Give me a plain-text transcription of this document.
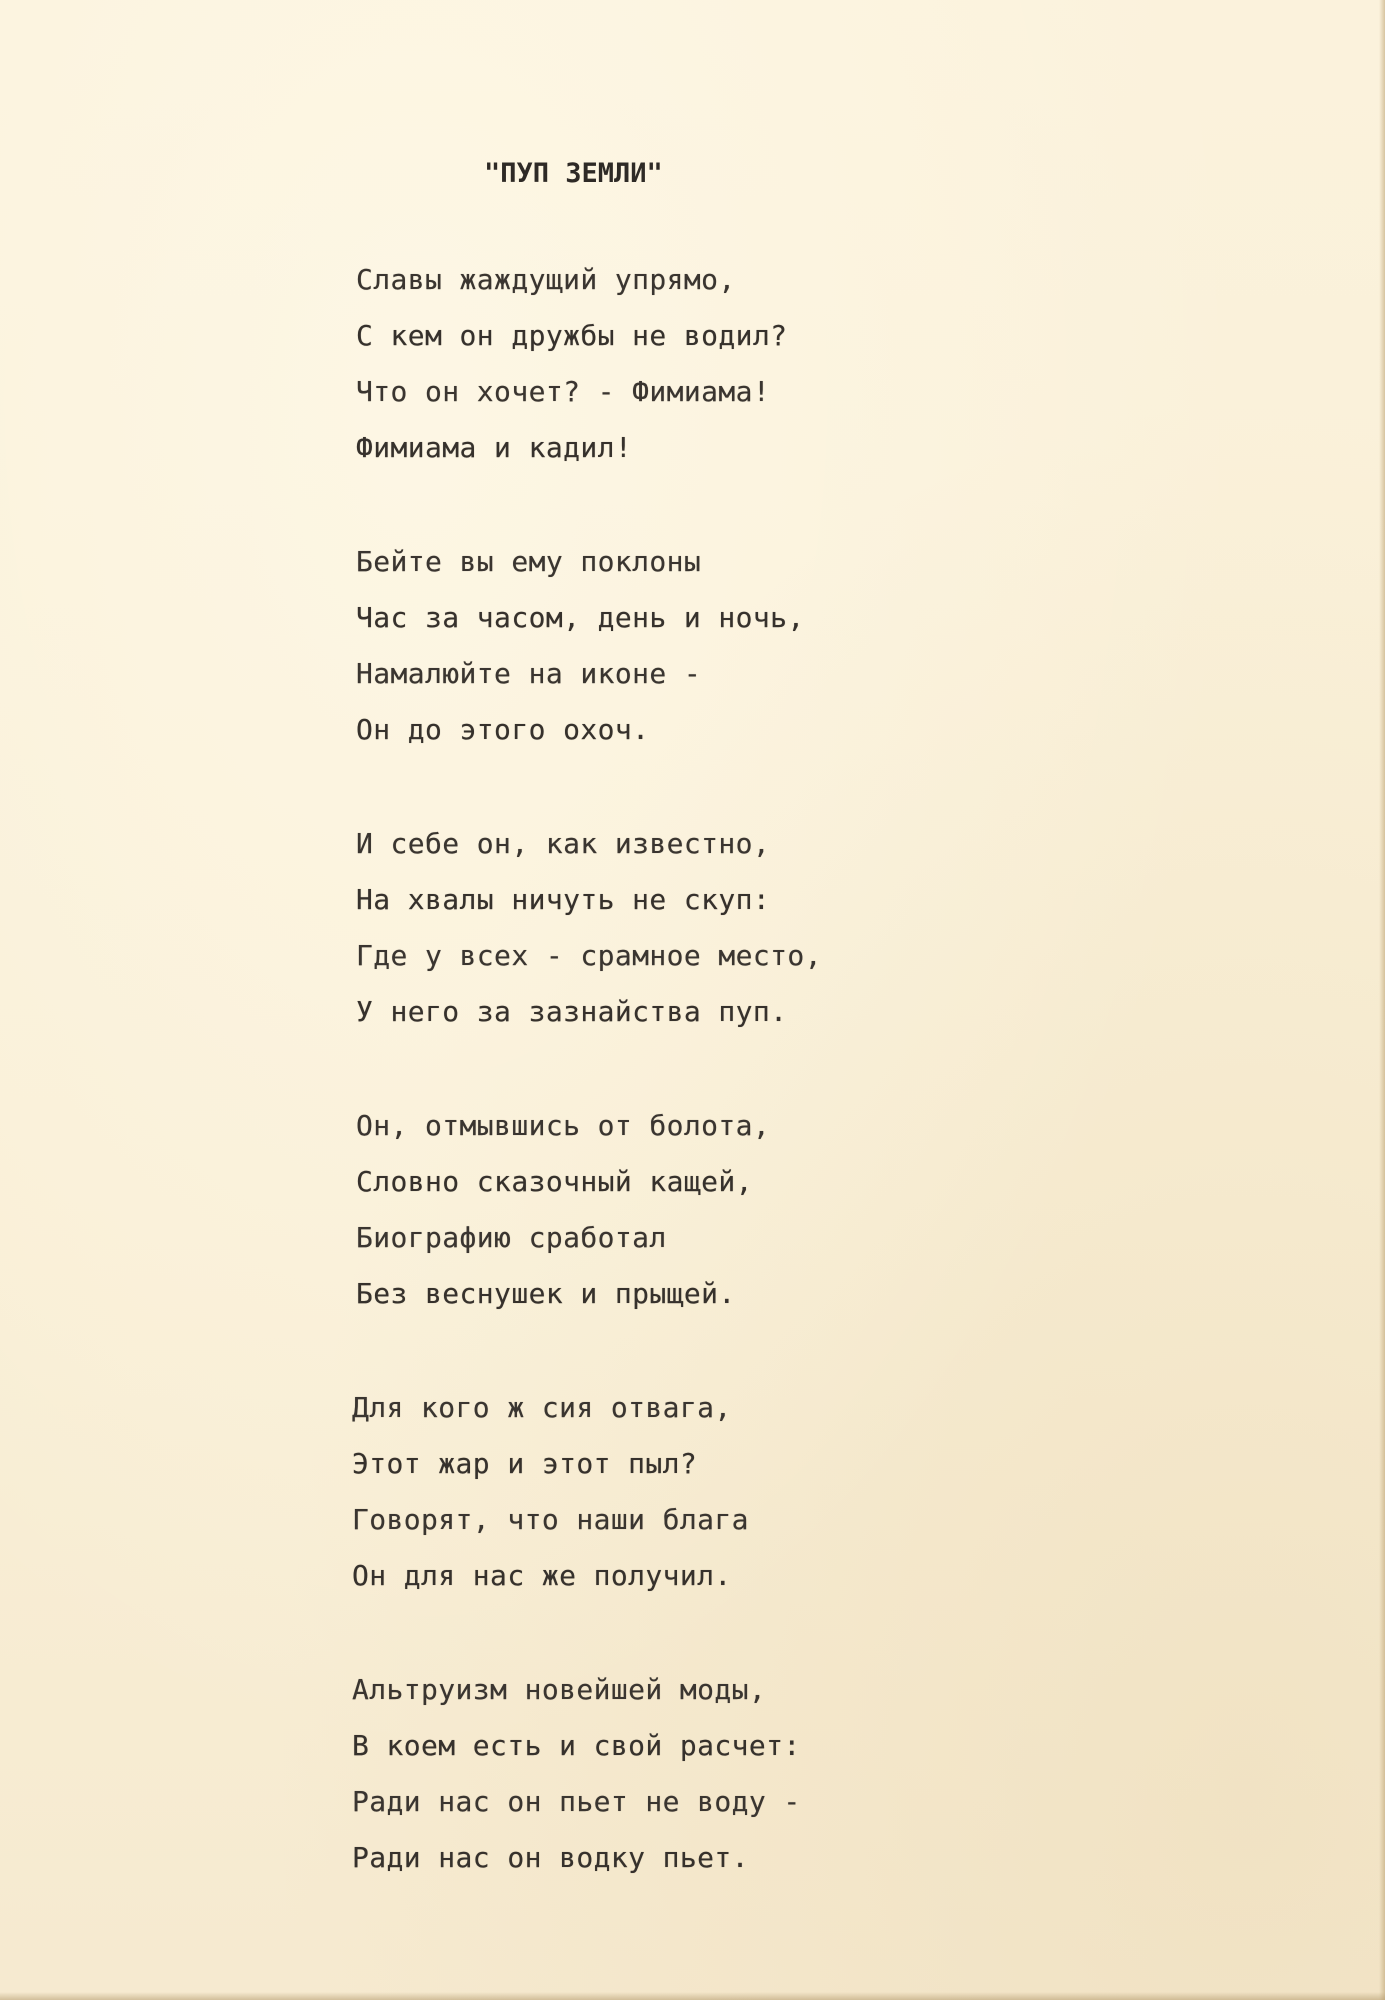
"ПУП ЗЕМЛИ"
Славы жаждущий упрямо,
С кем он дружбы не водил?
Что он хочет? - Фимиама!
Фимиама и кадил!
Бейте вы ему поклоны
Час за часом, день и ночь,
Намалюйте на иконе -
Он до этого охоч.
И себе он, как известно,
На хвалы ничуть не скуп:
Где у всех - срамное место,
У него за зазнайства пуп.
Он, отмывшись от болота,
Словно сказочный кащей,
Биографию сработал
Без веснушек и прыщей.
Для кого ж сия отвага,
Этот жар и этот пыл?
Говорят, что наши блага
Он для нас же получил.
Альтруизм новейшей моды,
В коем есть и свой расчет:
Ради нас он пьет не воду -
Ради нас он водку пьет.
